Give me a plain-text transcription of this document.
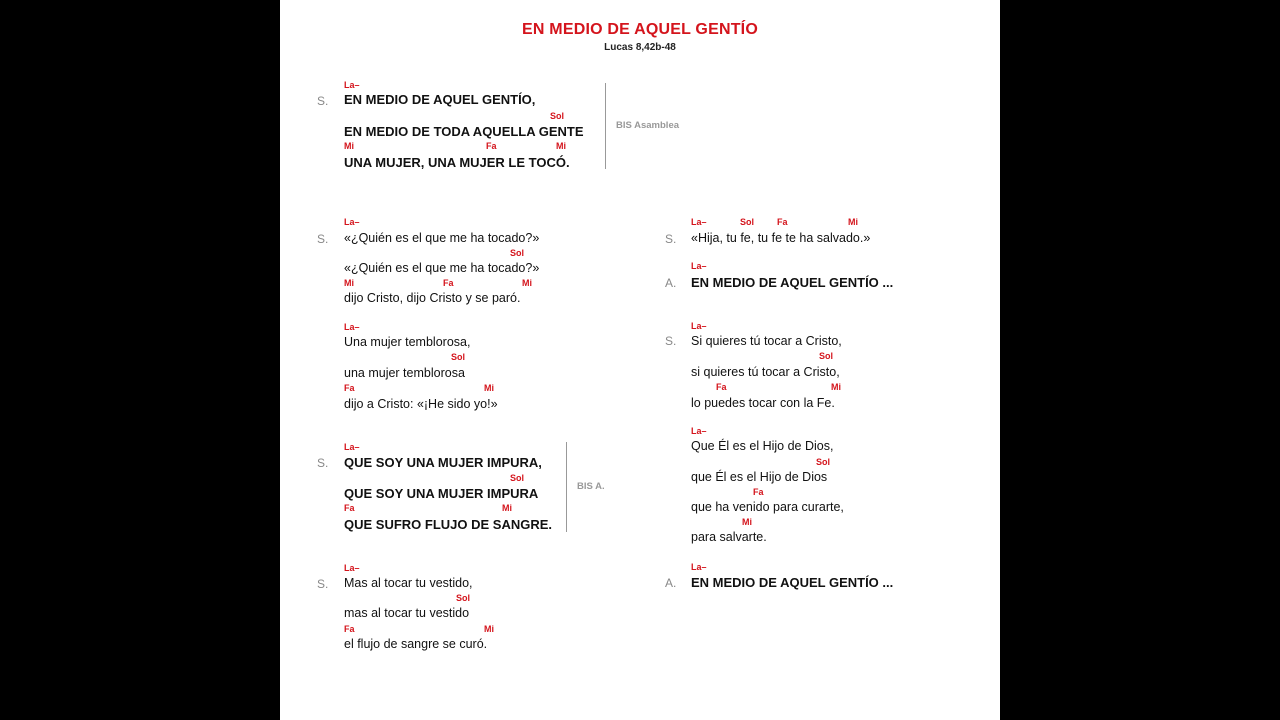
EN MEDIO DE AQUEL GENTÍO
Lucas 8,42b-48
S.
La–
EN MEDIO DE AQUEL GENTÍO,
Sol
EN MEDIO DE TODA AQUELLA GENTE
Mi	Fa	Mi
UNA MUJER, UNA MUJER LE TOCÓ.
BIS Asamblea
S.
La–
«¿Quién es el que me ha tocado?»
Sol
«¿Quién es el que me ha tocado?»
Mi	Fa	Mi
dijo Cristo, dijo Cristo y se paró.
La–
Una mujer temblorosa,
Sol
una mujer temblorosa
Fa	Mi
dijo a Cristo: «¡He sido yo!»
S.
La–
QUE SOY UNA MUJER IMPURA,
Sol
QUE SOY UNA MUJER IMPURA
Fa	Mi
QUE SUFRO FLUJO DE SANGRE.
BIS A.
S.
La–
Mas al tocar tu vestido,
Sol
mas al tocar tu vestido
Fa	Mi
el flujo de sangre se curó.
S.
La–	Sol	Fa	Mi
«Hija, tu fe, tu fe te ha salvado.»
A.
La–
EN MEDIO DE AQUEL GENTÍO ...
S.
La–
Si quieres tú tocar a Cristo,
Sol
si quieres tú tocar a Cristo,
Fa	Mi
lo puedes tocar con la Fe.
La–
Que Él es el Hijo de Dios,
Sol
que Él es el Hijo de Dios
Fa
que ha venido para curarte,
Mi
para salvarte.
A.
La–
EN MEDIO DE AQUEL GENTÍO ...
